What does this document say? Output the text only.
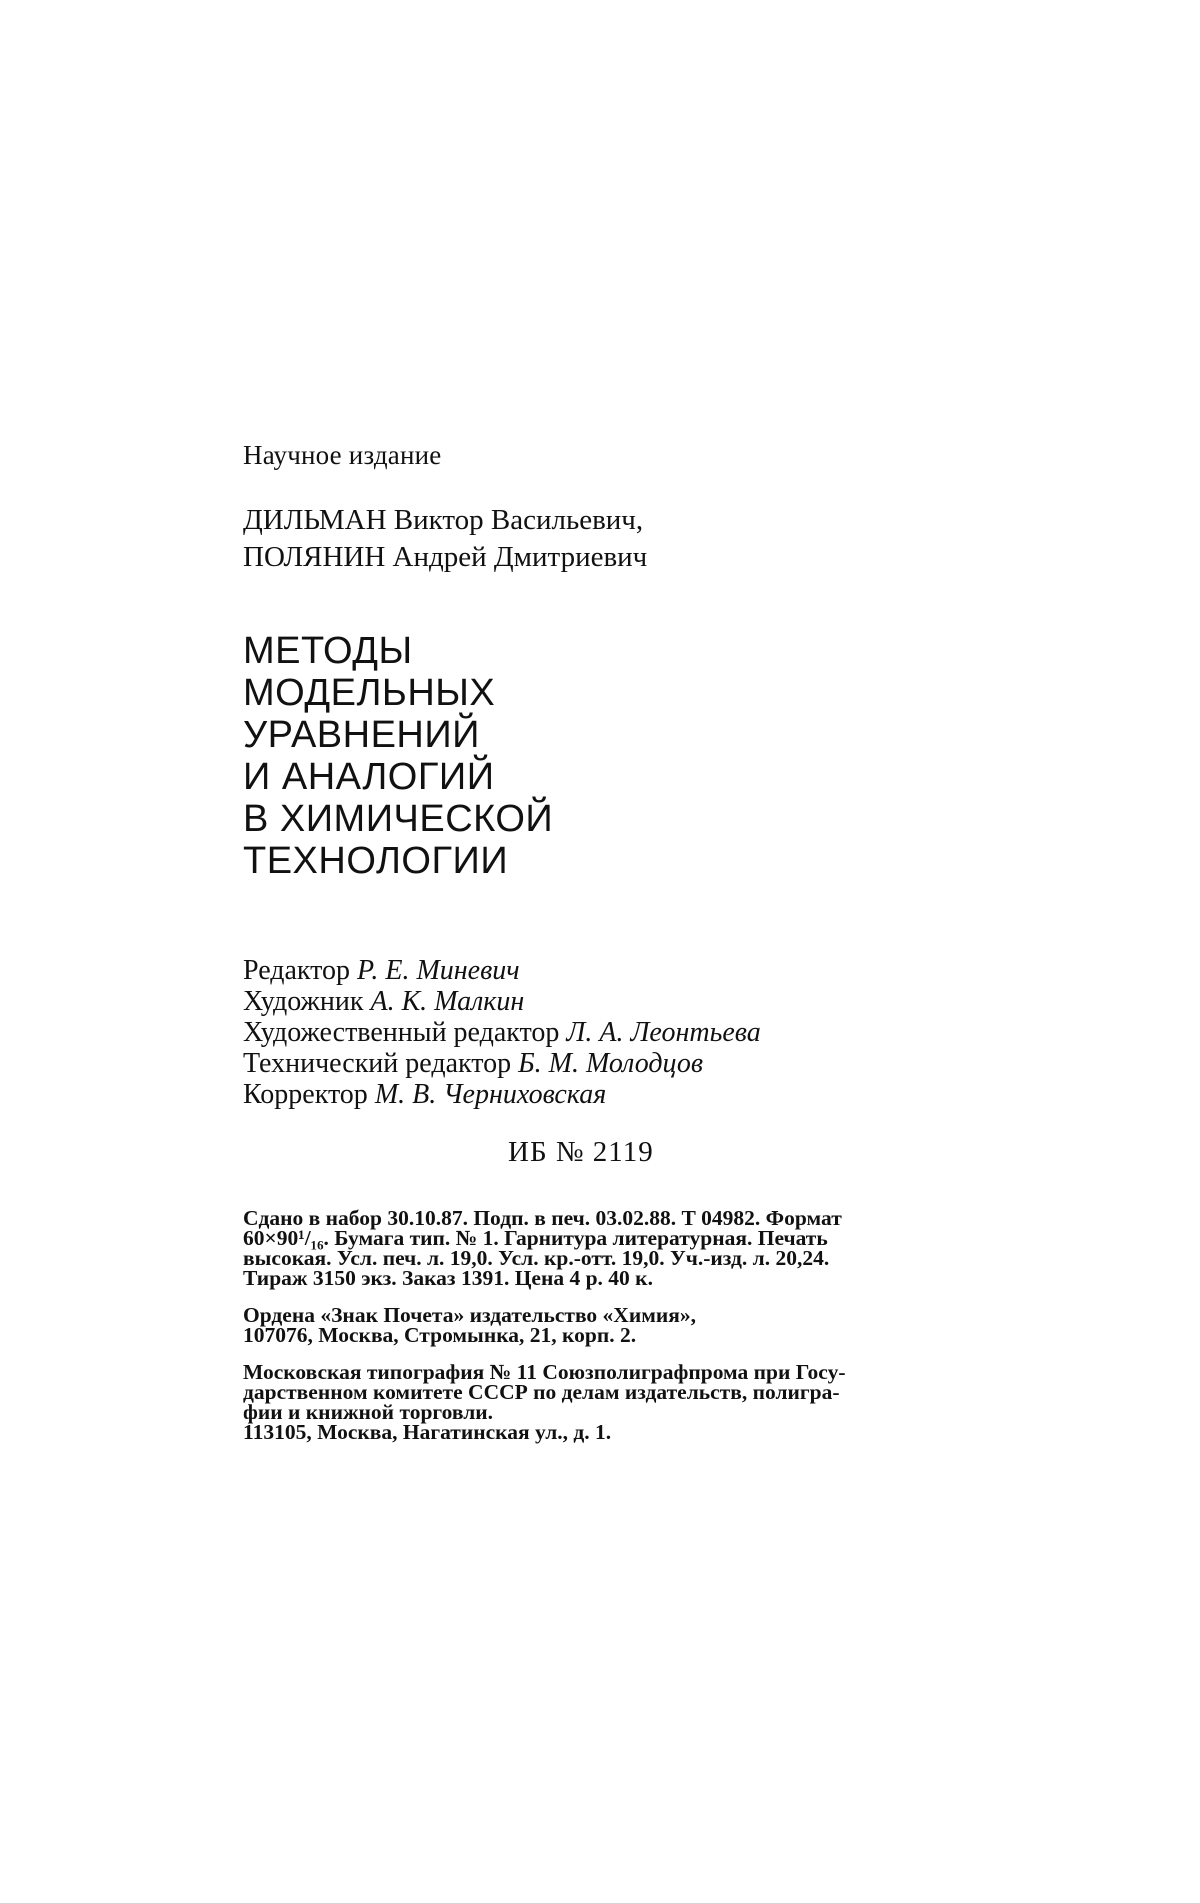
Научное издание
ДИЛЬМАН Виктор Васильевич,
ПОЛЯНИН Андрей Дмитриевич
МЕТОДЫ
МОДЕЛЬНЫХ
УРАВНЕНИЙ
И АНАЛОГИЙ
В ХИМИЧЕСКОЙ
ТЕХНОЛОГИИ
Редактор Р. Е. Миневич
Художник А. К. Малкин
Художественный редактор Л. А. Леонтьева
Технический редактор Б. М. Молодцов
Корректор М. В. Черниховская
ИБ № 2119
Сдано в набор 30.10.87. Подп. в печ. 03.02.88. Т 04982. Формат
60×90¹/₁₆. Бумага тип. № 1. Гарнитура литературная. Печать
высокая. Усл. печ. л. 19,0. Усл. кр.-отт. 19,0. Уч.-изд. л. 20,24.
Тираж 3150 экз. Заказ 1391. Цена 4 р. 40 к.
Ордена «Знак Почета» издательство «Химия»,
107076, Москва, Стромынка, 21, корп. 2.
Московская типография № 11 Союзполиграфпрома при Госу-
дарственном комитете СССР по делам издательств, полигра-
фии и книжной торговли.
113105, Москва, Нагатинская ул., д. 1.
